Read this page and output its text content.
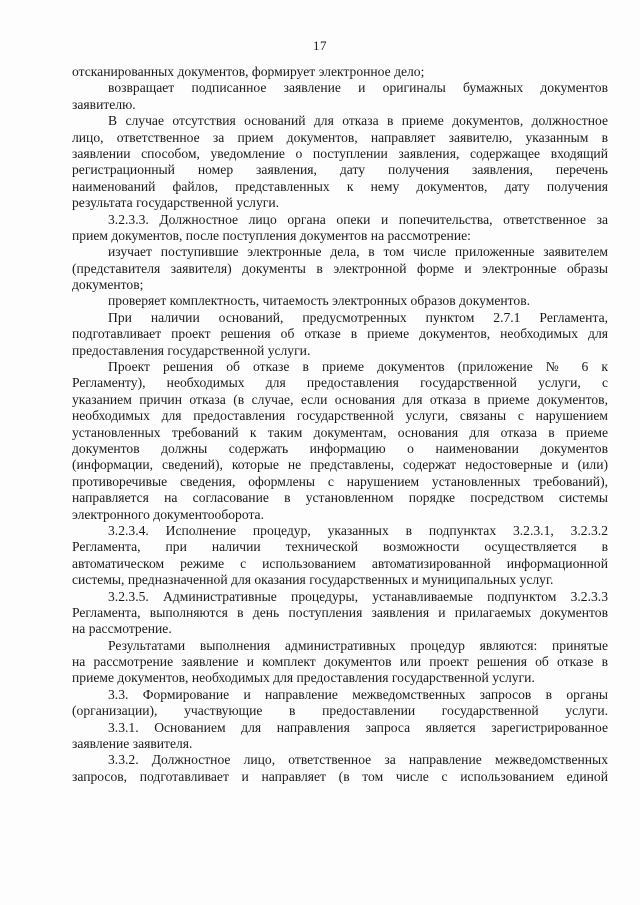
17
отсканированных документов, формирует электронное дело;
возвращает подписанное заявление и оригиналы бумажных документов
заявителю.
В случае отсутствия оснований для отказа в приеме документов, должностное
лицо, ответственное за прием документов, направляет заявителю, указанным в
заявлении способом, уведомление о поступлении заявления, содержащее входящий
регистрационный номер заявления, дату получения заявления, перечень
наименований файлов, представленных к нему документов, дату получения
результата государственной услуги.
3.2.3.3. Должностное лицо органа опеки и попечительства, ответственное за
прием документов, после поступления документов на рассмотрение:
изучает поступившие электронные дела, в том числе приложенные заявителем
(представителя заявителя) документы в электронной форме и электронные образы
документов;
проверяет комплектность, читаемость электронных образов документов.
При наличии оснований, предусмотренных пунктом 2.7.1 Регламента,
подготавливает проект решения об отказе в приеме документов, необходимых для
предоставления государственной услуги.
Проект решения об отказе в приеме документов (приложение № 6 к
Регламенту), необходимых для предоставления государственной услуги, с
указанием причин отказа (в случае, если основания для отказа в приеме документов,
необходимых для предоставления государственной услуги, связаны с нарушением
установленных требований к таким документам, основания для отказа в приеме
документов должны содержать информацию о наименовании документов
(информации, сведений), которые не представлены, содержат недостоверные и (или)
противоречивые сведения, оформлены с нарушением установленных требований),
направляется на согласование в установленном порядке посредством системы
электронного документооборота.
3.2.3.4. Исполнение процедур, указанных в подпунктах 3.2.3.1, 3.2.3.2
Регламента, при наличии технической возможности осуществляется в
автоматическом режиме с использованием автоматизированной информационной
системы, предназначенной для оказания государственных и муниципальных услуг.
3.2.3.5. Административные процедуры, устанавливаемые подпунктом 3.2.3.3
Регламента, выполняются в день поступления заявления и прилагаемых документов
на рассмотрение.
Результатами выполнения административных процедур являются: принятые
на рассмотрение заявление и комплект документов или проект решения об отказе в
приеме документов, необходимых для предоставления государственной услуги.
3.3. Формирование и направление межведомственных запросов в органы
(организации), участвующие в предоставлении государственной услуги.
3.3.1. Основанием для направления запроса является зарегистрированное
заявление заявителя.
3.3.2. Должностное лицо, ответственное за направление межведомственных
запросов, подготавливает и направляет (в том числе с использованием единой
